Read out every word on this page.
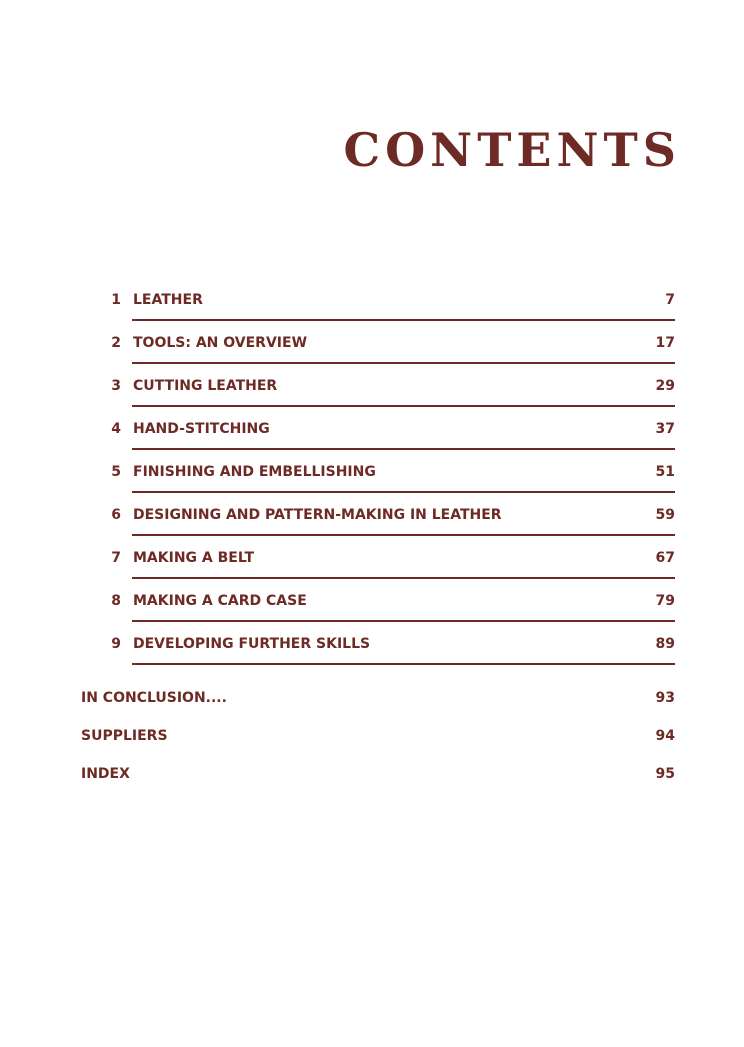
CONTENTS
1 LEATHER	7
2 TOOLS: AN OVERVIEW	17
3 CUTTING LEATHER	29
4 HAND-STITCHING	37
5 FINISHING AND EMBELLISHING	51
6 DESIGNING AND PATTERN-MAKING IN LEATHER	59
7 MAKING A BELT	67
8 MAKING A CARD CASE	79
9 DEVELOPING FURTHER SKILLS	89
IN CONCLUSION....	93
SUPPLIERS	94
INDEX	95
